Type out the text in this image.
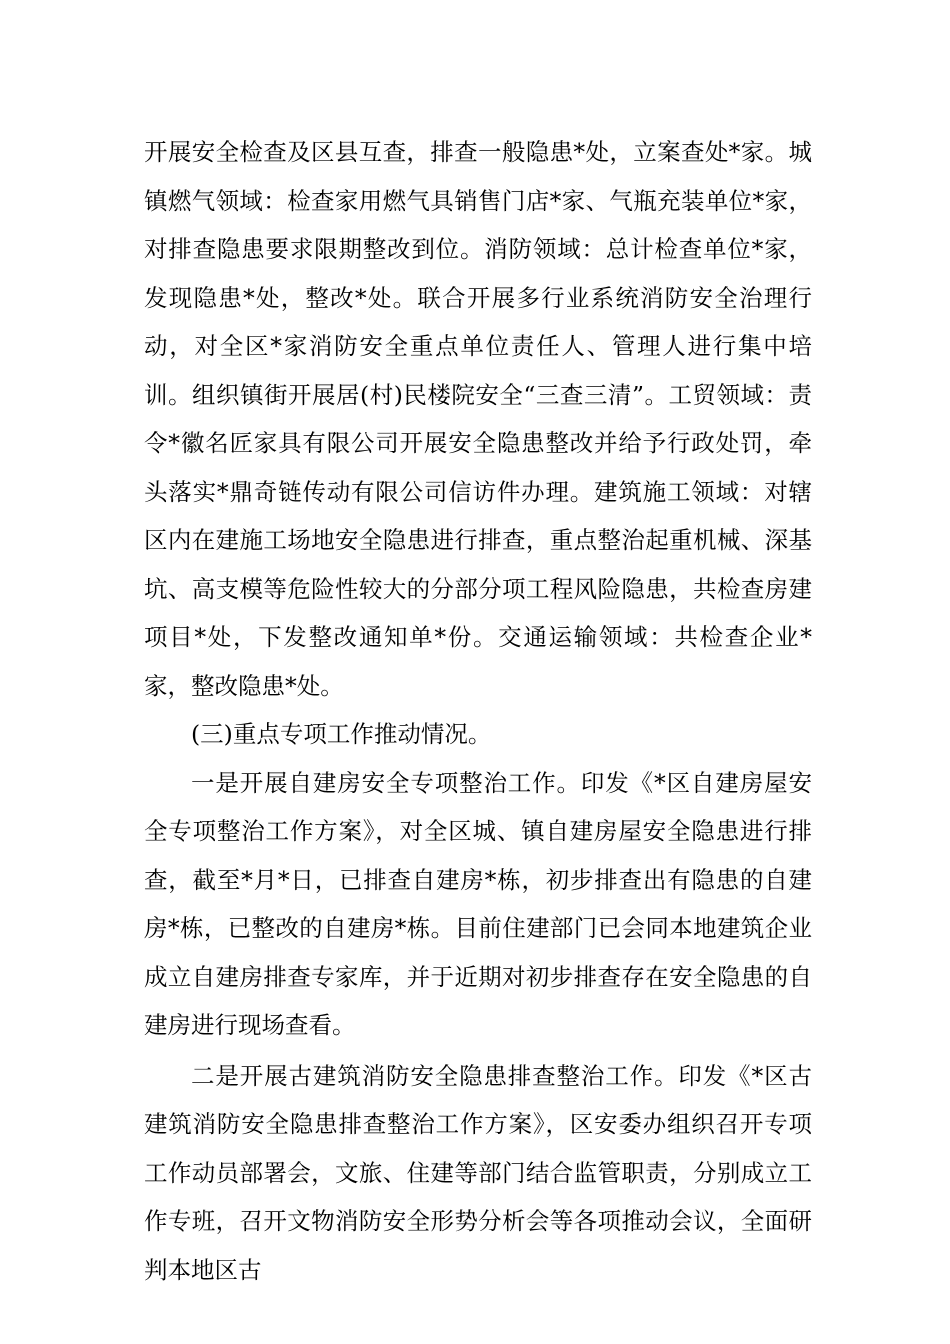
开展安全检查及区县互查，排查一般隐患*处，立案查处*家。城镇燃气领域：检查家用燃气具销售门店*家、气瓶充装单位*家，对排查隐患要求限期整改到位。消防领域：总计检查单位*家，发现隐患*处，整改*处。联合开展多行业系统消防安全治理行动，对全区*家消防安全重点单位责任人、管理人进行集中培训。组织镇街开展居(村)民楼院安全“三查三清”。工贸领域：责令*徽名匠家具有限公司开展安全隐患整改并给予行政处罚，牵头落实*鼎奇链传动有限公司信访件办理。建筑施工领域：对辖区内在建施工场地安全隐患进行排查，重点整治起重机械、深基坑、高支模等危险性较大的分部分项工程风险隐患，共检查房建项目*处，下发整改通知单*份。交通运输领域：共检查企业*家，整改隐患*处。

(三)重点专项工作推动情况。

一是开展自建房安全专项整治工作。印发《*区自建房屋安全专项整治工作方案》，对全区城、镇自建房屋安全隐患进行排查，截至*月*日，已排查自建房*栋，初步排查出有隐患的自建房*栋，已整改的自建房*栋。目前住建部门已会同本地建筑企业成立自建房排查专家库，并于近期对初步排查存在安全隐患的自建房进行现场查看。

二是开展古建筑消防安全隐患排查整治工作。印发《*区古建筑消防安全隐患排查整治工作方案》，区安委办组织召开专项工作动员部署会，文旅、住建等部门结合监管职责，分别成立工作专班，召开文物消防安全形势分析会等各项推动会议，全面研判本地区古
